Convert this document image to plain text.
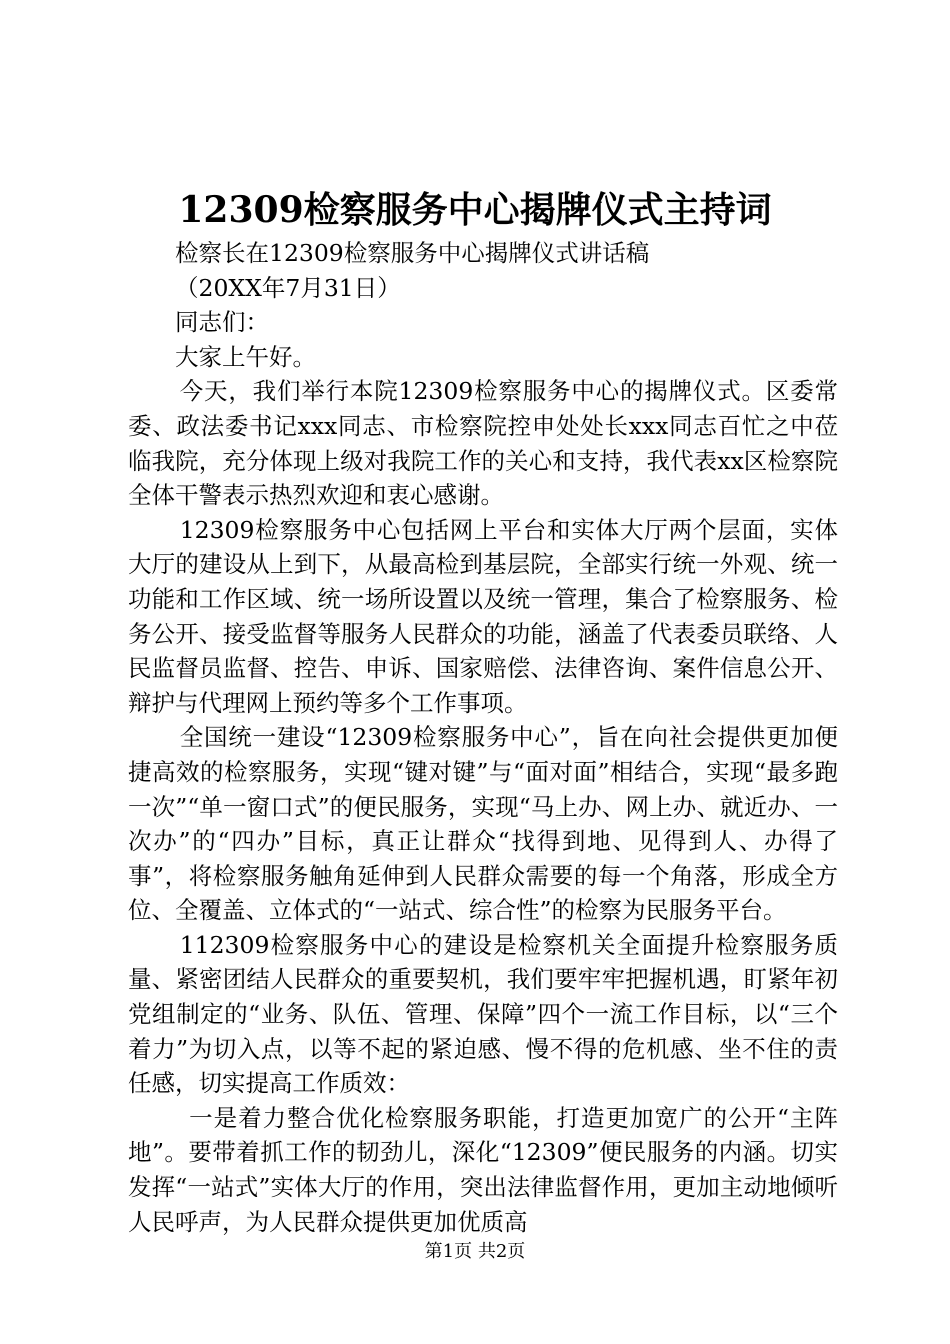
12309检察服务中心揭牌仪式主持词

检察长在12309检察服务中心揭牌仪式讲话稿

（20XX年7月31日）

同志们：

大家上午好。

今天，我们举行本院12309检察服务中心的揭牌仪式。区委常委、政法委书记xxx同志、市检察院控申处处长xxx同志百忙之中莅临我院，充分体现上级对我院工作的关心和支持，我代表xx区检察院全体干警表示热烈欢迎和衷心感谢。

12309检察服务中心包括网上平台和实体大厅两个层面，实体大厅的建设从上到下，从最高检到基层院，全部实行统一外观、统一功能和工作区域、统一场所设置以及统一管理，集合了检察服务、检务公开、接受监督等服务人民群众的功能，涵盖了代表委员联络、人民监督员监督、控告、申诉、国家赔偿、法律咨询、案件信息公开、辩护与代理网上预约等多个工作事项。

全国统一建设“12309检察服务中心”，旨在向社会提供更加便捷高效的检察服务，实现“键对键”与“面对面”相结合，实现“最多跑一次”“单一窗口式”的便民服务，实现“马上办、网上办、就近办、一次办”的“四办”目标，真正让群众“找得到地、见得到人、办得了事”，将检察服务触角延伸到人民群众需要的每一个角落，形成全方位、全覆盖、立体式的“一站式、综合性”的检察为民服务平台。

112309检察服务中心的建设是检察机关全面提升检察服务质量、紧密团结人民群众的重要契机，我们要牢牢把握机遇，盯紧年初党组制定的“业务、队伍、管理、保障”四个一流工作目标，以“三个着力”为切入点，以等不起的紧迫感、慢不得的危机感、坐不住的责任感，切实提高工作质效：

一是着力整合优化检察服务职能，打造更加宽广的公开“主阵地”。要带着抓工作的韧劲儿，深化“12309”便民服务的内涵。切实发挥“一站式”实体大厅的作用，突出法律监督作用，更加主动地倾听人民呼声，为人民群众提供更加优质高

第1页 共2页
